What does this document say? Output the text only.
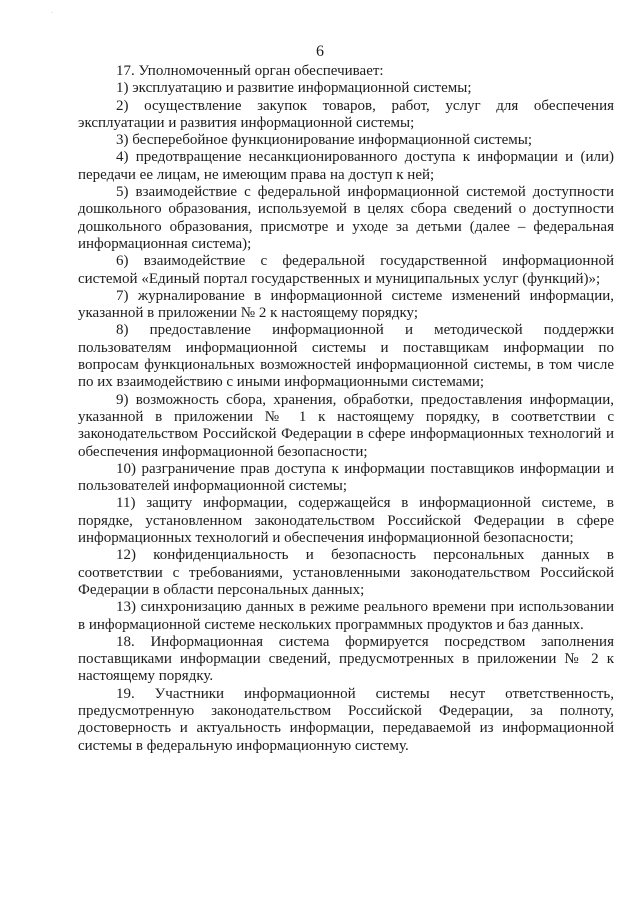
·
6

17. Уполномоченный орган обеспечивает:

1) эксплуатацию и развитие информационной системы;

2) осуществление закупок товаров, работ, услуг для обеспечения эксплуатации и развития информационной системы;

3) бесперебойное функционирование информационной системы;

4) предотвращение несанкционированного доступа к информации и (или) передачи ее лицам, не имеющим права на доступ к ней;

5) взаимодействие с федеральной информационной системой доступности дошкольного образования, используемой в целях сбора сведений о доступности дошкольного образования, присмотре и уходе за детьми (далее – федеральная информационная система);

6) взаимодействие с федеральной государственной информационной системой «Единый портал государственных и муниципальных услуг (функций)»;

7) журналирование в информационной системе изменений информации, указанной в приложении № 2 к настоящему порядку;

8) предоставление информационной и методической поддержки пользователям информационной системы и поставщикам информации по вопросам функциональных возможностей информационной системы, в том числе по их взаимодействию с иными информационными системами;

9) возможность сбора, хранения, обработки, предоставления информации, указанной в приложении № 1 к настоящему порядку, в соответствии с законодательством Российской Федерации в сфере информационных технологий и обеспечения информационной безопасности;

10) разграничение прав доступа к информации поставщиков информации и пользователей информационной системы;

11) защиту информации, содержащейся в информационной системе, в порядке, установленном законодательством Российской Федерации в сфере информационных технологий и обеспечения информационной безопасности;

12) конфиденциальность и безопасность персональных данных в соответствии с требованиями, установленными законодательством Российской Федерации в области персональных данных;

13) синхронизацию данных в режиме реального времени при использовании в информационной системе нескольких программных продуктов и баз данных.

18. Информационная система формируется посредством заполнения поставщиками информации сведений, предусмотренных в приложении № 2 к настоящему порядку.

19. Участники информационной системы несут ответственность, предусмотренную законодательством Российской Федерации, за полноту, достоверность и актуальность информации, передаваемой из информационной системы в федеральную информационную систему.
